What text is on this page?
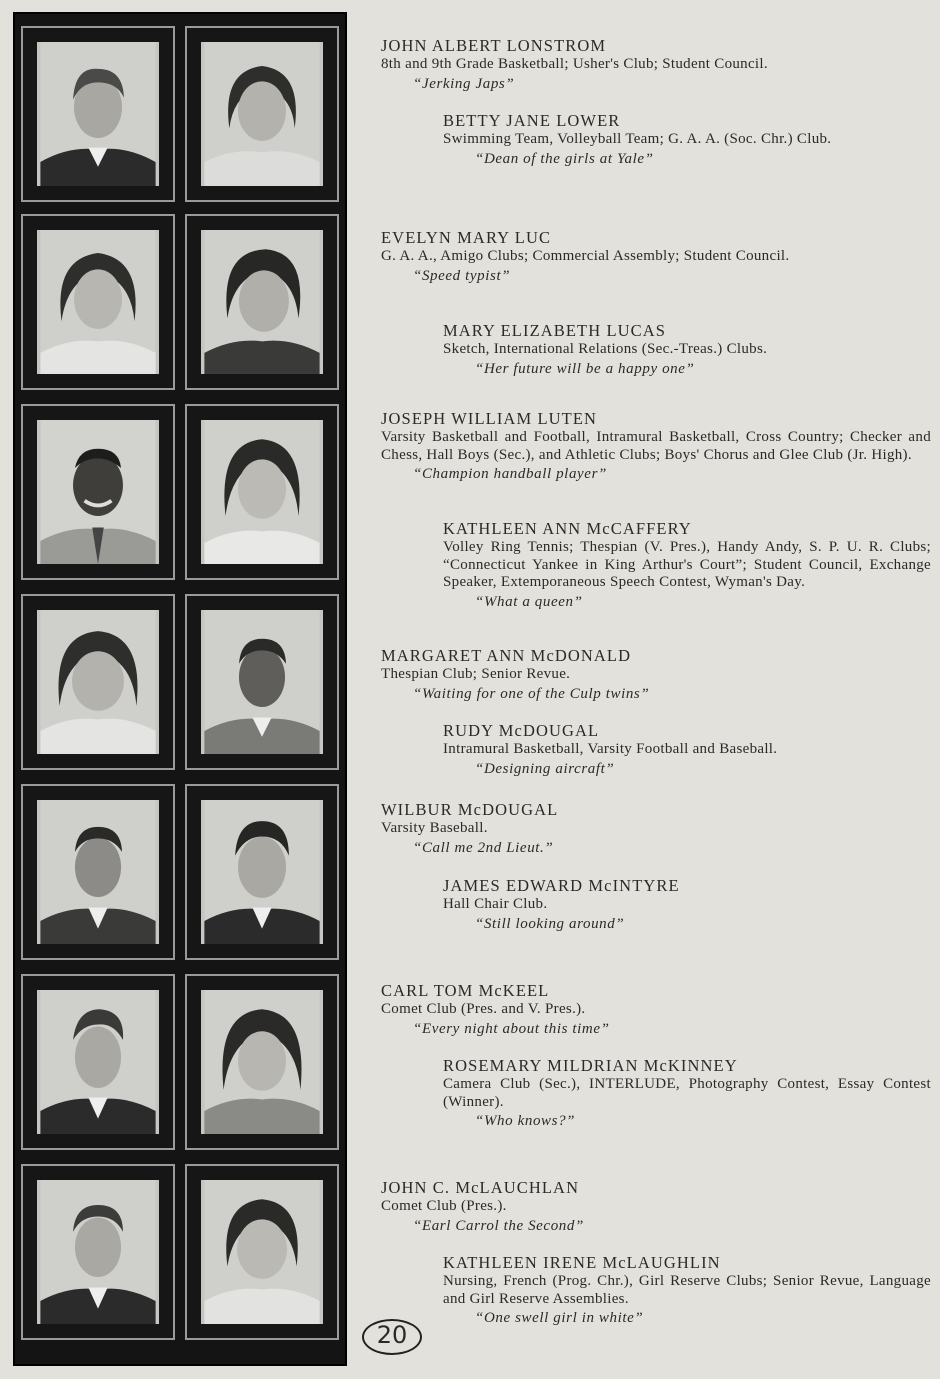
JOHN ALBERT LONSTROM
8th and 9th Grade Basketball; Usher's Club; Student Council.
“Jerking Japs”
BETTY JANE LOWER
Swimming Team, Volleyball Team; G. A. A. (Soc. Chr.) Club.
“Dean of the girls at Yale”
EVELYN MARY LUC
G. A. A., Amigo Clubs; Commercial Assembly; Student Council.
“Speed typist”
MARY ELIZABETH LUCAS
Sketch, International Relations (Sec.-Treas.) Clubs.
“Her future will be a happy one”
JOSEPH WILLIAM LUTEN
Varsity Basketball and Football, Intramural Basketball, Cross Country; Checker and Chess, Hall Boys (Sec.), and Athletic Clubs; Boys' Chorus and Glee Club (Jr. High).
“Champion handball player”
KATHLEEN ANN McCAFFERY
Volley Ring Tennis; Thespian (V. Pres.), Handy Andy, S. P. U. R. Clubs; “Connecticut Yankee in King Arthur's Court”; Student Council, Exchange Speaker, Extemporaneous Speech Contest, Wyman's Day.
“What a queen”
MARGARET ANN McDONALD
Thespian Club; Senior Revue.
“Waiting for one of the Culp twins”
RUDY McDOUGAL
Intramural Basketball, Varsity Football and Baseball.
“Designing aircraft”
WILBUR McDOUGAL
Varsity Baseball.
“Call me 2nd Lieut.”
JAMES EDWARD McINTYRE
Hall Chair Club.
“Still looking around”
CARL TOM McKEEL
Comet Club (Pres. and V. Pres.).
“Every night about this time”
ROSEMARY MILDRIAN McKINNEY
Camera Club (Sec.), INTERLUDE, Photography Contest, Essay Contest (Winner).
“Who knows?”
JOHN C. McLAUCHLAN
Comet Club (Pres.).
“Earl Carrol the Second”
KATHLEEN IRENE McLAUGHLIN
Nursing, French (Prog. Chr.), Girl Reserve Clubs; Senior Revue, Language and Girl Reserve Assemblies.
“One swell girl in white”
20
